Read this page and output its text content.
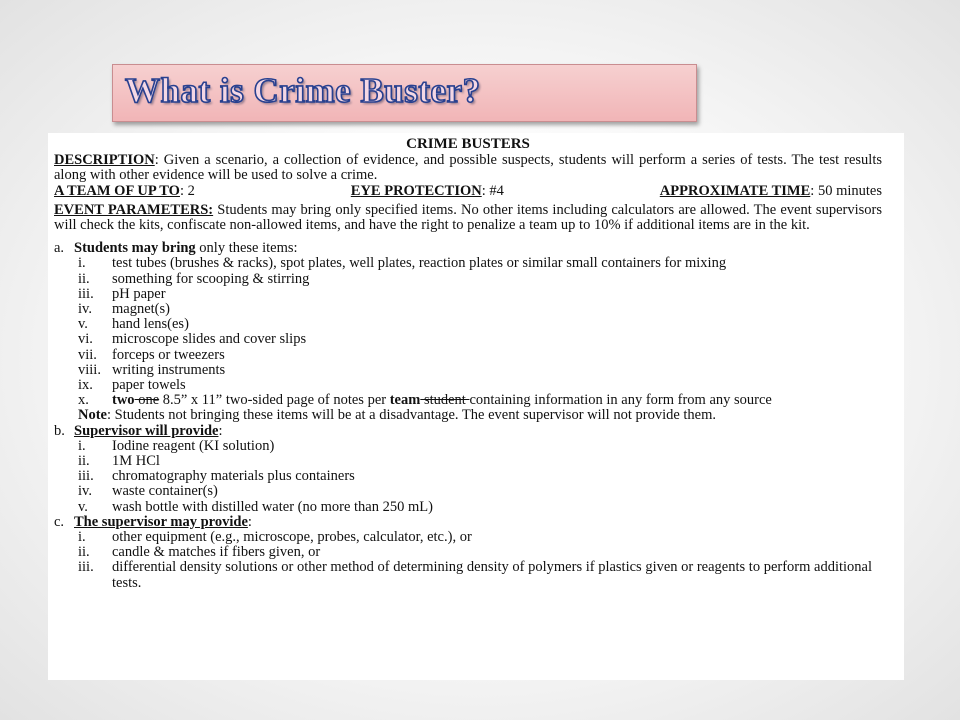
What is Crime Buster?
CRIME BUSTERS

DESCRIPTION: Given a scenario, a collection of evidence, and possible suspects, students will perform a series of tests. The test results along with other evidence will be used to solve a crime.

A TEAM OF UP TO: 2	EYE PROTECTION: #4	APPROXIMATE TIME: 50 minutes

EVENT PARAMETERS: Students may bring only specified items. No other items including calculators are allowed. The event supervisors will check the kits, confiscate non-allowed items, and have the right to penalize a team up to 10% if additional items are in the kit.

a. Students may bring only these items:
i.	test tubes (brushes & racks), spot plates, well plates, reaction plates or similar small containers for mixing
ii.	something for scooping & stirring
iii.	pH paper
iv.	magnet(s)
v.	hand lens(es)
vi.	microscope slides and cover slips
vii.	forceps or tweezers
viii. writing instruments
ix.	paper towels
x.	two one 8.5” x 11” two-sided page of notes per team student containing information in any form from any source

Note: Students not bringing these items will be at a disadvantage. The event supervisor will not provide them.

b. Supervisor will provide:
i.	Iodine reagent (KI solution)
ii.	1M HCl
iii.	chromatography materials plus containers
iv.	waste container(s)
v.	wash bottle with distilled water (no more than 250 mL)
c. The supervisor may provide:
i.	other equipment (e.g., microscope, probes, calculator, etc.), or
ii.	candle & matches if fibers given, or
iii.	differential density solutions or other method of determining density of polymers if plastics given or reagents to perform additional tests.
